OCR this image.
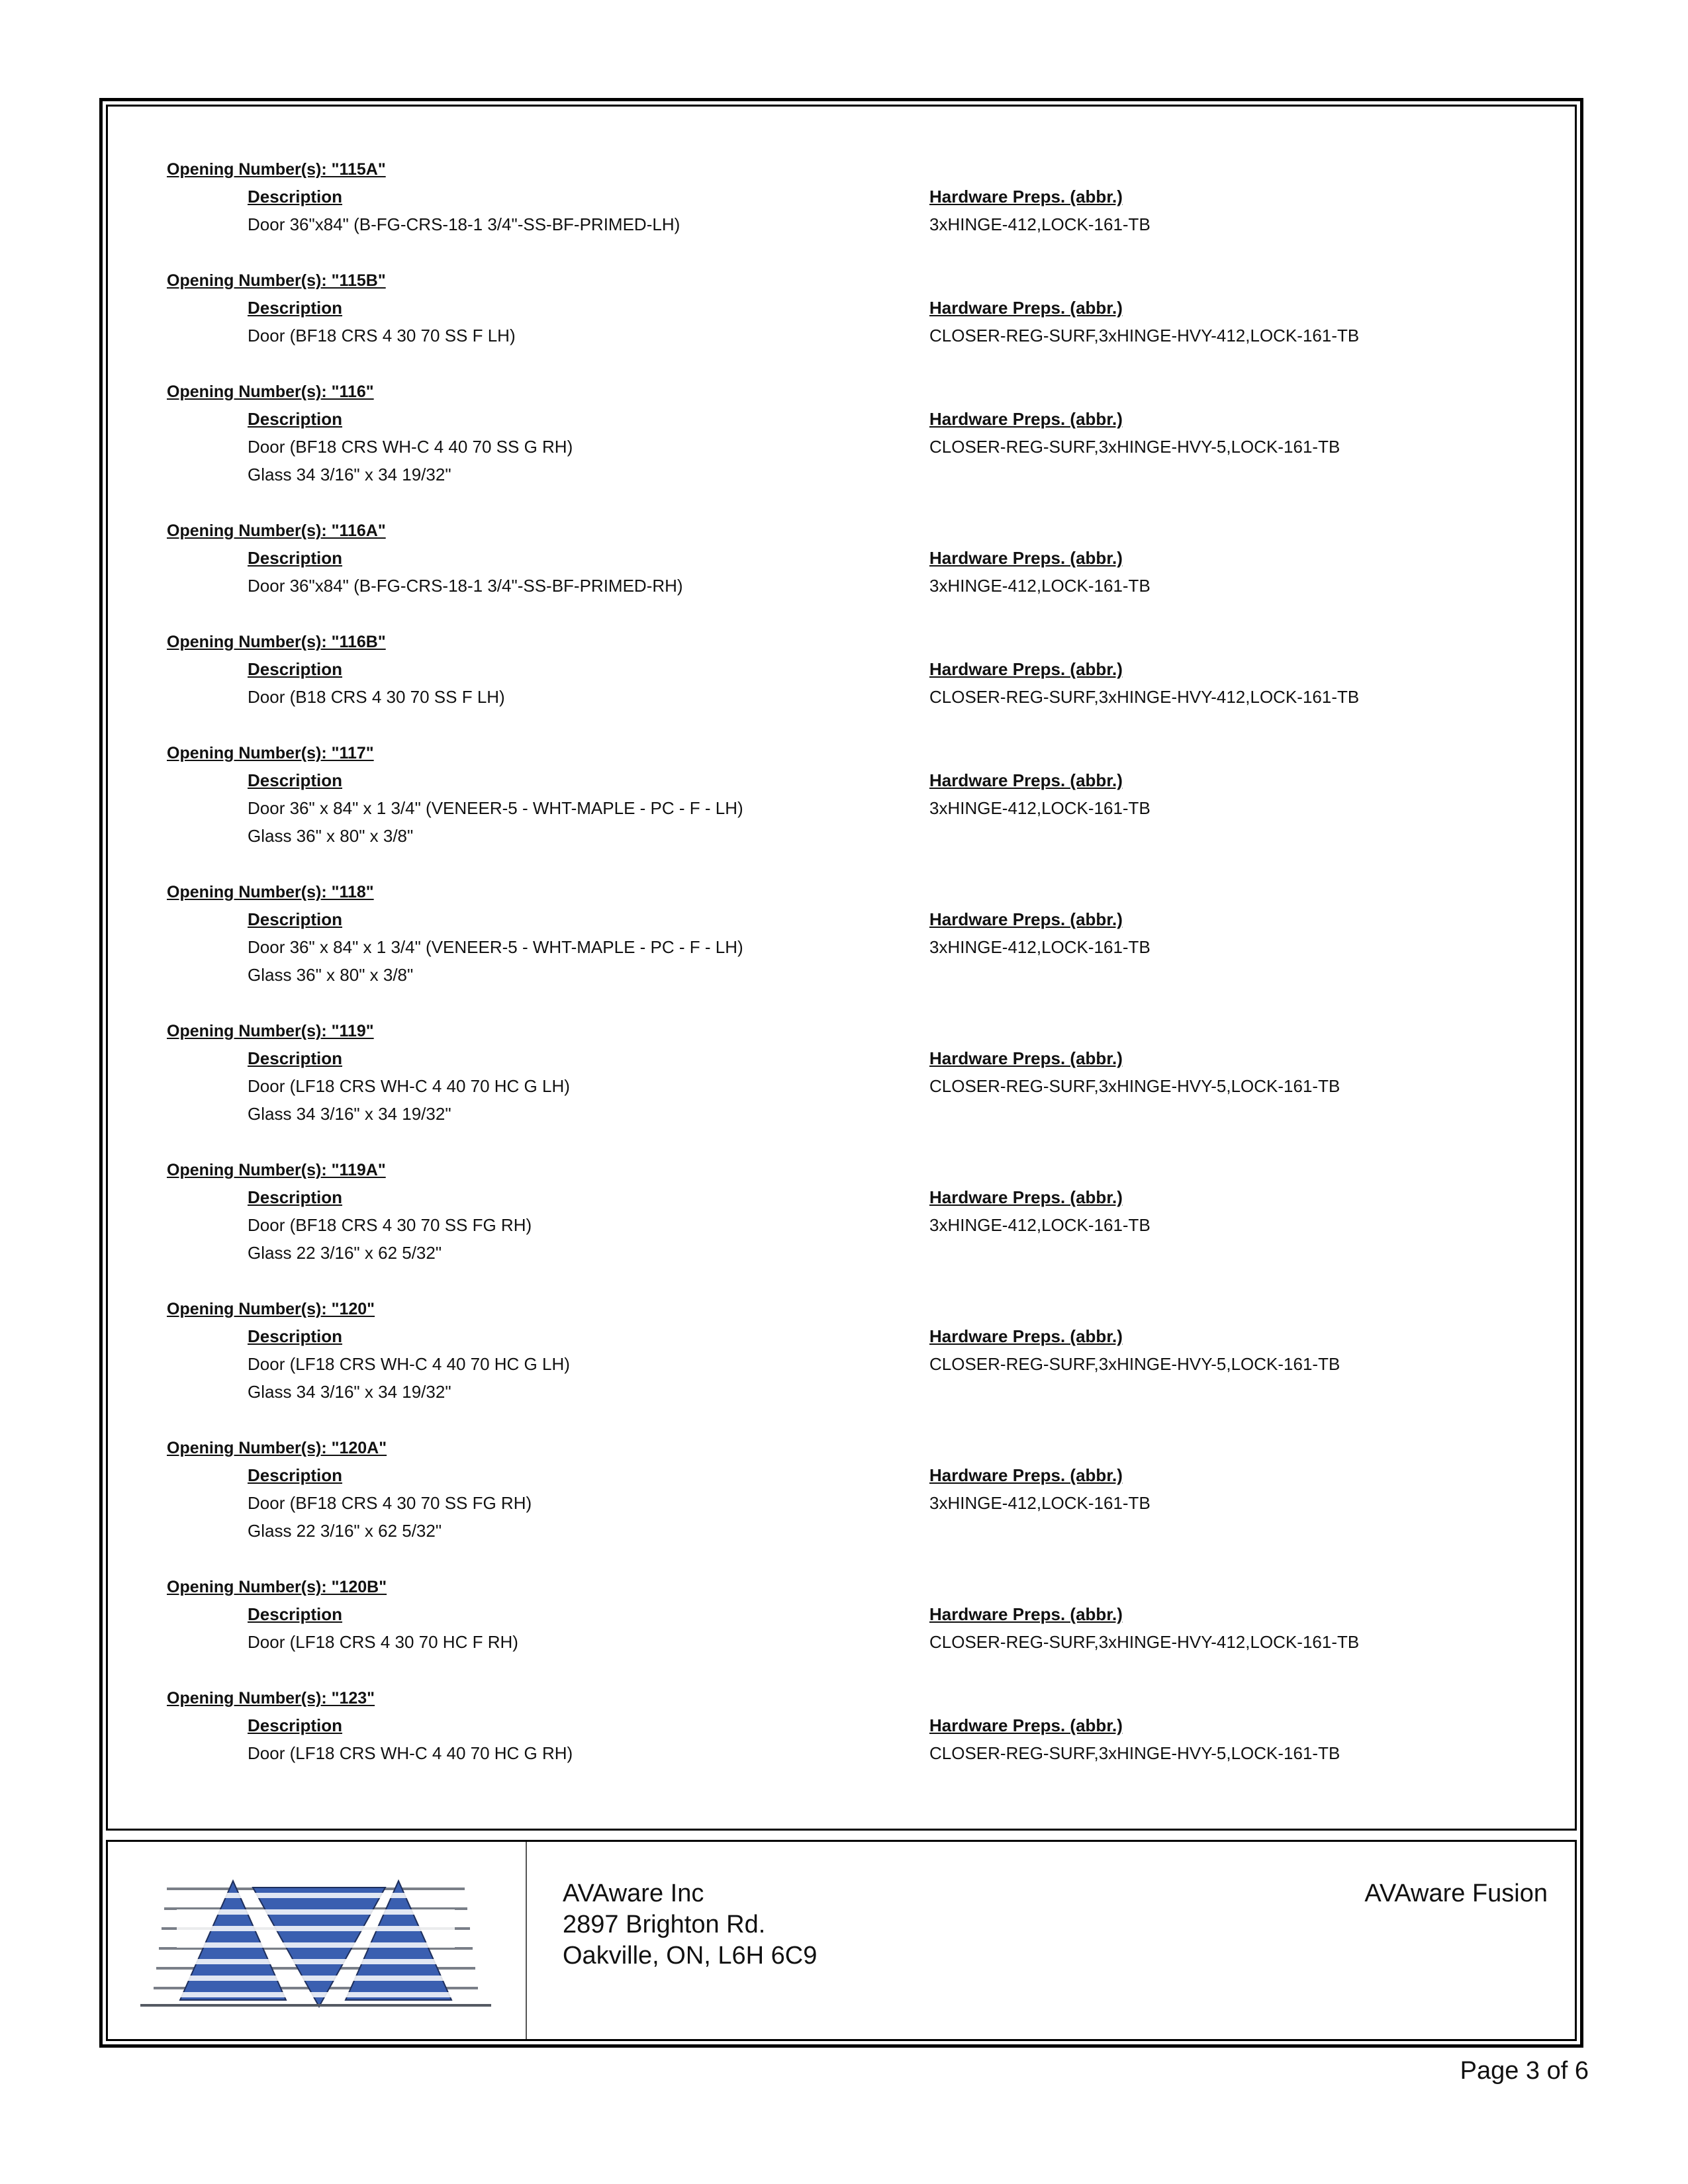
Opening Number(s): "115A"
Description	Hardware Preps. (abbr.)
Door 36"x84" (B-FG-CRS-18-1 3/4"-SS-BF-PRIMED-LH)	3xHINGE-412,LOCK-161-TB
Opening Number(s): "115B"
Description	Hardware Preps. (abbr.)
Door (BF18 CRS 4 30 70 SS F LH)	CLOSER-REG-SURF,3xHINGE-HVY-412,LOCK-161-TB
Opening Number(s): "116"
Description	Hardware Preps. (abbr.)
Door (BF18 CRS WH-C 4 40 70 SS G RH)	CLOSER-REG-SURF,3xHINGE-HVY-5,LOCK-161-TB
Glass 34 3/16" x 34 19/32"
Opening Number(s): "116A"
Description	Hardware Preps. (abbr.)
Door 36"x84" (B-FG-CRS-18-1 3/4"-SS-BF-PRIMED-RH)	3xHINGE-412,LOCK-161-TB
Opening Number(s): "116B"
Description	Hardware Preps. (abbr.)
Door (B18 CRS 4 30 70 SS F LH)	CLOSER-REG-SURF,3xHINGE-HVY-412,LOCK-161-TB
Opening Number(s): "117"
Description	Hardware Preps. (abbr.)
Door 36" x 84" x 1 3/4" (VENEER-5 - WHT-MAPLE - PC - F - LH)	3xHINGE-412,LOCK-161-TB
Glass 36" x 80" x 3/8"
Opening Number(s): "118"
Description	Hardware Preps. (abbr.)
Door 36" x 84" x 1 3/4" (VENEER-5 - WHT-MAPLE - PC - F - LH)	3xHINGE-412,LOCK-161-TB
Glass 36" x 80" x 3/8"
Opening Number(s): "119"
Description	Hardware Preps. (abbr.)
Door (LF18 CRS WH-C 4 40 70 HC G LH)	CLOSER-REG-SURF,3xHINGE-HVY-5,LOCK-161-TB
Glass 34 3/16" x 34 19/32"
Opening Number(s): "119A"
Description	Hardware Preps. (abbr.)
Door (BF18 CRS 4 30 70 SS FG RH)	3xHINGE-412,LOCK-161-TB
Glass 22 3/16" x 62 5/32"
Opening Number(s): "120"
Description	Hardware Preps. (abbr.)
Door (LF18 CRS WH-C 4 40 70 HC G LH)	CLOSER-REG-SURF,3xHINGE-HVY-5,LOCK-161-TB
Glass 34 3/16" x 34 19/32"
Opening Number(s): "120A"
Description	Hardware Preps. (abbr.)
Door (BF18 CRS 4 30 70 SS FG RH)	3xHINGE-412,LOCK-161-TB
Glass 22 3/16" x 62 5/32"
Opening Number(s): "120B"
Description	Hardware Preps. (abbr.)
Door (LF18 CRS 4 30 70 HC F RH)	CLOSER-REG-SURF,3xHINGE-HVY-412,LOCK-161-TB
Opening Number(s): "123"
Description	Hardware Preps. (abbr.)
Door (LF18 CRS WH-C 4 40 70 HC G RH)	CLOSER-REG-SURF,3xHINGE-HVY-5,LOCK-161-TB
AVAware Inc
2897 Brighton Rd.
Oakville, ON, L6H 6C9
AVAware Fusion
Page 3 of 6
